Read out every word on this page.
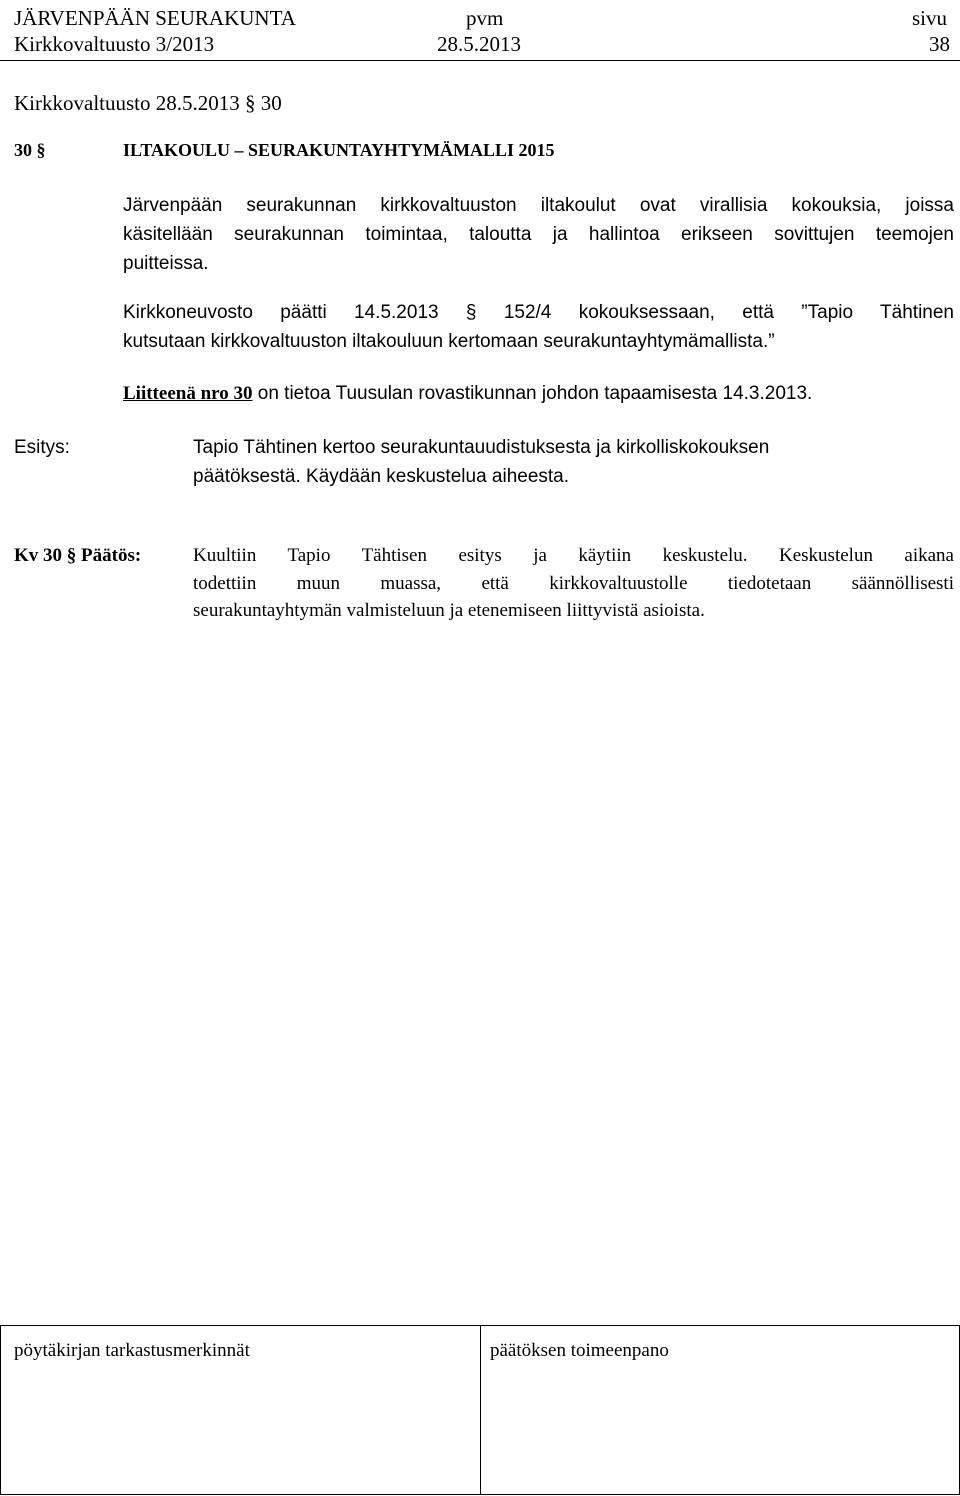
JÄRVENPÄÄN SEURAKUNTA
Kirkkovaltuusto 3/2013
pvm
28.5.2013
sivu
38
Kirkkovaltuusto 28.5.2013 § 30
30 §	ILTAKOULU – SEURAKUNTAYHTYMÄMALLI 2015
Järvenpään seurakunnan kirkkovaltuuston iltakoulut ovat virallisia kokouksia, joissa
käsitellään seurakunnan toimintaa, taloutta ja hallintoa erikseen sovittujen teemojen
puitteissa.
Kirkkoneuvosto päätti 14.5.2013 § 152/4 kokouksessaan, että ”Tapio Tähtinen
kutsutaan kirkkovaltuuston iltakouluun kertomaan seurakuntayhtymämallista.”
Liitteenä nro 30 on tietoa Tuusulan rovastikunnan johdon tapaamisesta 14.3.2013.
Esitys:	Tapio Tähtinen kertoo seurakuntauudistuksesta ja kirkolliskokouksen
päätöksestä. Käydään keskustelua aiheesta.
Kv 30 § Päätös:	Kuultiin Tapio Tähtisen esitys ja käytiin keskustelu. Keskustelun aikana
todettiin muun muassa, että kirkkovaltuustolle tiedotetaan säännöllisesti
seurakuntayhtymän valmisteluun ja etenemiseen liittyvistä asioista.
pöytäkirjan tarkastusmerkinnät	päätöksen toimeenpano
